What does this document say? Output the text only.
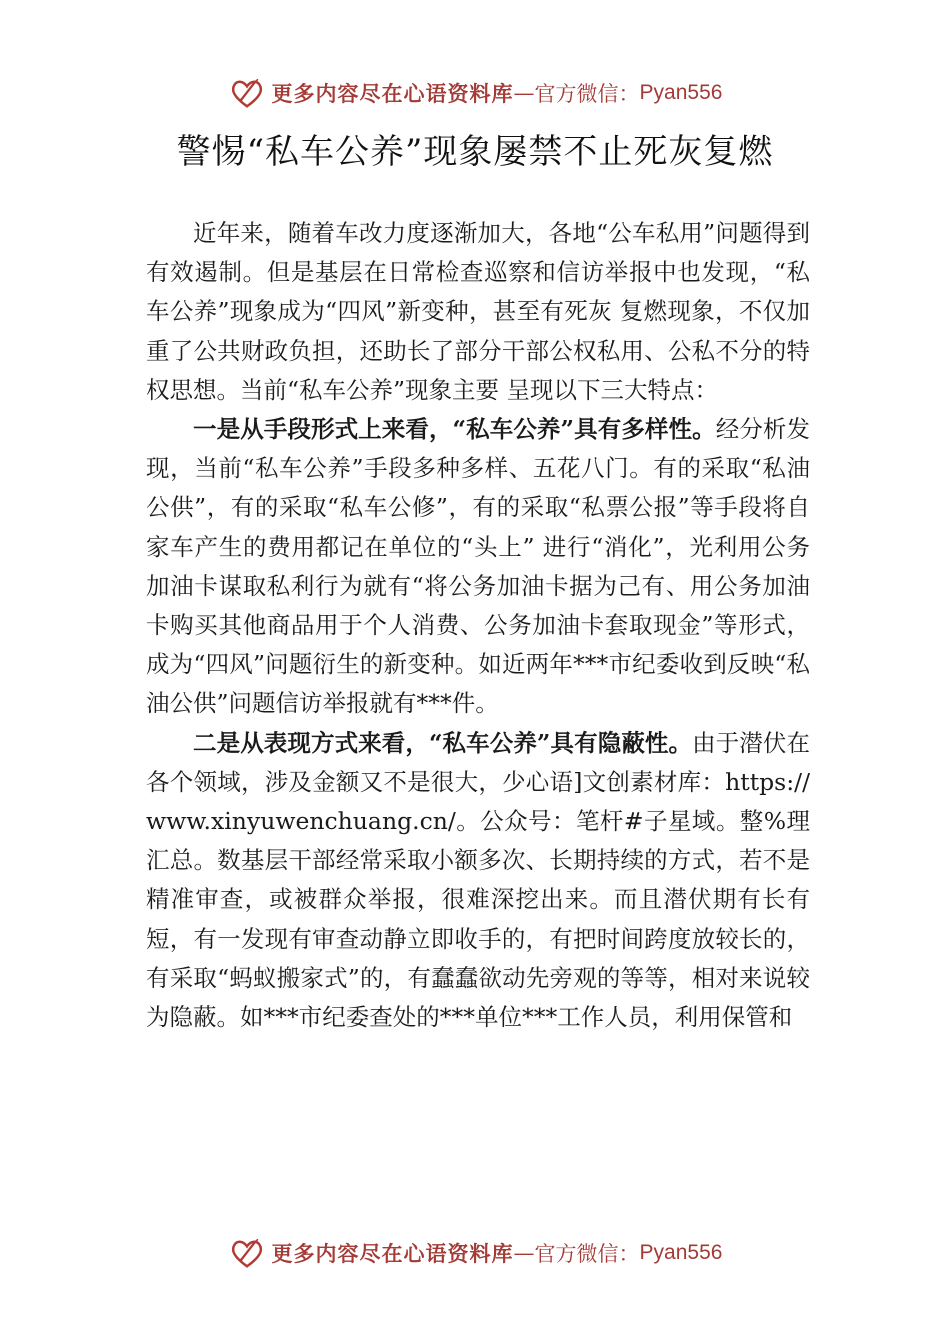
更多内容尽在心语资料库 — 官方微信： Pyan556
警惕“私车公养”现象屡禁不止死灰复燃

近年来，随着车改力度逐渐加大，各地“公车私用”问题得到有效遏制。但是基层在日常检查巡察和信访举报中也发现，“私车公养”现象成为“四风”新变种，甚至有死灰 复燃现象，不仅加重了公共财政负担，还助长了部分干部公权私用、公私不分的特权思想。当前“私车公养”现象主要 呈现以下三大特点：

一是从手段形式上来看，“私车公养”具有多样性。经分析发现，当前“私车公养”手段多种多样、五花八门。有的采取“私油公供”，有的采取“私车公修”，有的采取“私票公报”等手段将自家车产生的费用都记在单位的“头上” 进行“消化”，光利用公务加油卡谋取私利行为就有“将公务加油卡据为己有、用公务加油卡购买其他商品用于个人消费、公务加油卡套取现金”等形式，成为“四风”问题衍生的新变种。如近两年***市纪委收到反映“私油公供”问题信访举报就有***件。

二是从表现方式来看，“私车公养”具有隐蔽性。由于潜伏在各个领域，涉及金额又不是很大，少心语]文创素材库：https://www.xinyuwenchuang.cn/。公众号：笔杆#子星域。整%理汇总。数基层干部经常采取小额多次、长期持续的方式，若不是精准审查，或被群众举报，很难深挖出来。而且潜伏期有长有短，有一发现有审查动静立即收手的，有把时间跨度放较长的，有采取“蚂蚁搬家式”的，有蠢蠢欲动先旁观的等等，相对来说较为隐蔽。如***市纪委查处的***单位***工作人员，利用保管和

更多内容尽在心语资料库 — 官方微信： Pyan556
